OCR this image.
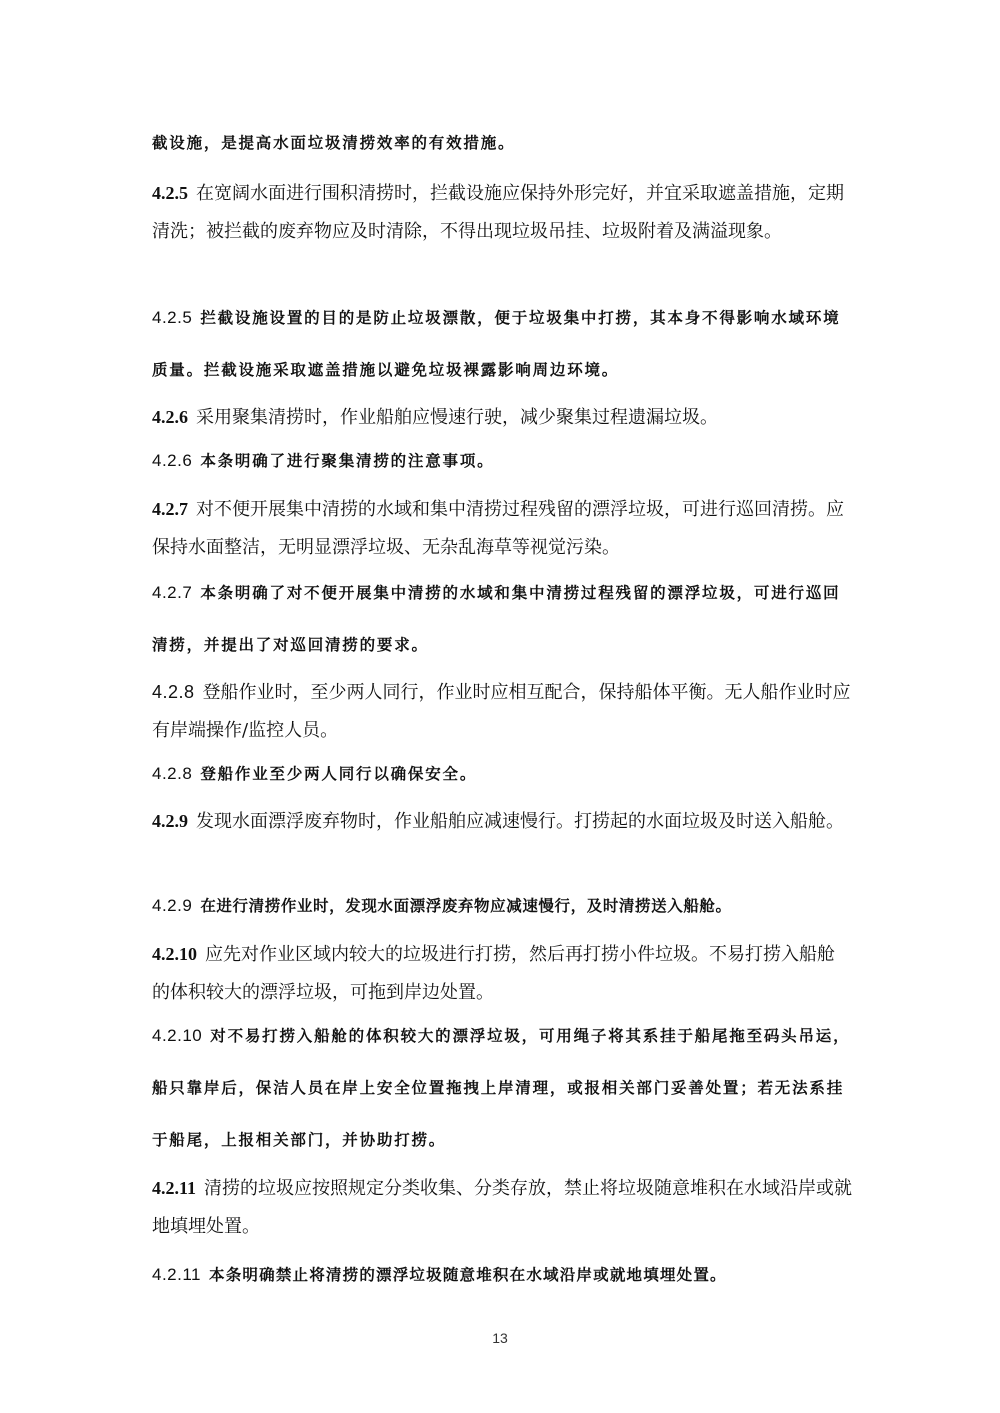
截设施，是提高水面垃圾清捞效率的有效措施。

4.2.5 在宽阔水面进行围积清捞时，拦截设施应保持外形完好，并宜采取遮盖措施，定期清洗；被拦截的废弃物应及时清除，不得出现垃圾吊挂、垃圾附着及满溢现象。

4.2.5 拦截设施设置的目的是防止垃圾漂散，便于垃圾集中打捞，其本身不得影响水域环境质量。拦截设施采取遮盖措施以避免垃圾裸露影响周边环境。

4.2.6 采用聚集清捞时，作业船舶应慢速行驶，减少聚集过程遗漏垃圾。

4.2.6 本条明确了进行聚集清捞的注意事项。

4.2.7 对不便开展集中清捞的水域和集中清捞过程残留的漂浮垃圾，可进行巡回清捞。应保持水面整洁，无明显漂浮垃圾、无杂乱海草等视觉污染。

4.2.7 本条明确了对不便开展集中清捞的水域和集中清捞过程残留的漂浮垃圾，可进行巡回清捞，并提出了对巡回清捞的要求。

4.2.8 登船作业时，至少两人同行，作业时应相互配合，保持船体平衡。无人船作业时应有岸端操作/监控人员。

4.2.8 登船作业至少两人同行以确保安全。

4.2.9 发现水面漂浮废弃物时，作业船舶应减速慢行。打捞起的水面垃圾及时送入船舱。

4.2.9 在进行清捞作业时，发现水面漂浮废弃物应减速慢行，及时清捞送入船舱。

4.2.10 应先对作业区域内较大的垃圾进行打捞，然后再打捞小件垃圾。不易打捞入船舱的体积较大的漂浮垃圾，可拖到岸边处置。

4.2.10 对不易打捞入船舱的体积较大的漂浮垃圾，可用绳子将其系挂于船尾拖至码头吊运，船只靠岸后，保洁人员在岸上安全位置拖拽上岸清理，或报相关部门妥善处置；若无法系挂于船尾，上报相关部门，并协助打捞。

4.2.11 清捞的垃圾应按照规定分类收集、分类存放，禁止将垃圾随意堆积在水域沿岸或就地填埋处置。

4.2.11 本条明确禁止将清捞的漂浮垃圾随意堆积在水域沿岸或就地填埋处置。

13
